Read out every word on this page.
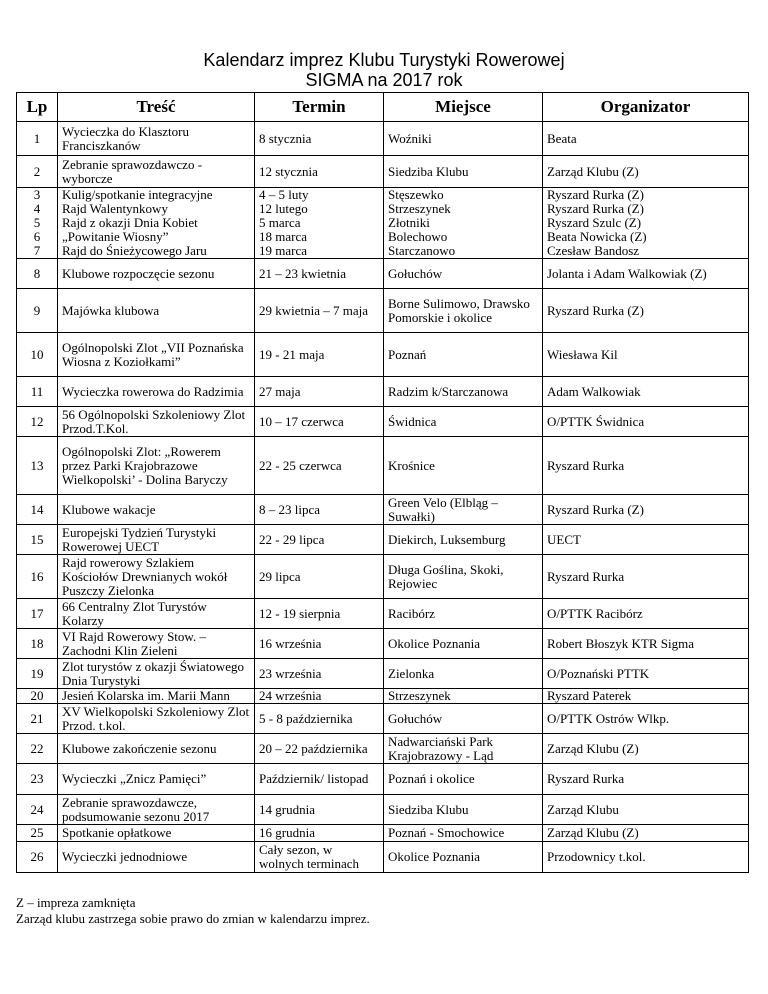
Kalendarz imprez Klubu Turystyki Rowerowej
SIGMA na 2017 rok
Lp	Treść	Termin	Miejsce	Organizator
1	Wycieczka do Klasztoru Franciszkanów	8 stycznia	Woźniki	Beata
2	Zebranie sprawozdawczo - wyborcze	12 stycznia	Siedziba Klubu	Zarząd Klubu (Z)
3	Kulig/spotkanie integracyjne	4 – 5 luty	Stęszewko	Ryszard Rurka (Z)
4	Rajd Walentynkowy	12 lutego	Strzeszynek	Ryszard Rurka (Z)
5	Rajd z okazji Dnia Kobiet	5 marca	Złotniki	Ryszard Szulc (Z)
6	„Powitanie Wiosny”	18 marca	Bolechowo	Beata Nowicka (Z)
7	Rajd do Śnieżycowego Jaru	19 marca	Starczanowo	Czesław Bandosz
8	Klubowe rozpoczęcie sezonu	21 – 23 kwietnia	Gołuchów	Jolanta i Adam Walkowiak (Z)
9	Majówka klubowa	29 kwietnia – 7 maja	Borne Sulimowo, Drawsko Pomorskie i okolice	Ryszard Rurka (Z)
10	Ogólnopolski Zlot „VII Poznańska Wiosna z Koziołkami”	19 - 21 maja	Poznań	Wiesława Kil
11	Wycieczka rowerowa do Radzimia	27 maja	Radzim k/Starczanowa	Adam Walkowiak
12	56 Ogólnopolski Szkoleniowy Zlot Przod.T.Kol.	10 – 17 czerwca	Świdnica	O/PTTK Świdnica
13	Ogólnopolski Zlot: „Rowerem przez Parki Krajobrazowe Wielkopolski’ - Dolina Baryczy	22 - 25 czerwca	Krośnice	Ryszard Rurka
14	Klubowe wakacje	8 – 23 lipca	Green Velo (Elbląg – Suwałki)	Ryszard Rurka (Z)
15	Europejski Tydzień Turystyki Rowerowej UECT	22 - 29 lipca	Diekirch, Luksemburg	UECT
16	Rajd rowerowy Szlakiem Kościołów Drewnianych wokół Puszczy Zielonka	29 lipca	Długa Goślina, Skoki, Rejowiec	Ryszard Rurka
17	66 Centralny Zlot Turystów Kolarzy	12 - 19 sierpnia	Racibórz	O/PTTK Racibórz
18	VI Rajd Rowerowy Stow. – Zachodni Klin Zieleni	16 września	Okolice Poznania	Robert Błoszyk KTR Sigma
19	Zlot turystów z okazji Światowego Dnia Turystyki	23 września	Zielonka	O/Poznański PTTK
20	Jesień Kolarska im. Marii Mann	24 września	Strzeszynek	Ryszard Paterek
21	XV Wielkopolski Szkoleniowy Zlot Przod. t.kol.	5 - 8 października	Gołuchów	O/PTTK Ostrów Wlkp.
22	Klubowe zakończenie sezonu	20 – 22 października	Nadwarciański Park Krajobrazowy - Ląd	Zarząd Klubu (Z)
23	Wycieczki „Znicz Pamięci”	Październik/ listopad	Poznań i okolice	Ryszard Rurka
24	Zebranie sprawozdawcze, podsumowanie sezonu 2017	14 grudnia	Siedziba Klubu	Zarząd Klubu
25	Spotkanie opłatkowe	16 grudnia	Poznań - Smochowice	Zarząd Klubu (Z)
26	Wycieczki jednodniowe	Cały sezon, w wolnych terminach	Okolice Poznania	Przodownicy t.kol.
Z – impreza zamknięta
Zarząd klubu zastrzega sobie prawo do zmian w kalendarzu imprez.
